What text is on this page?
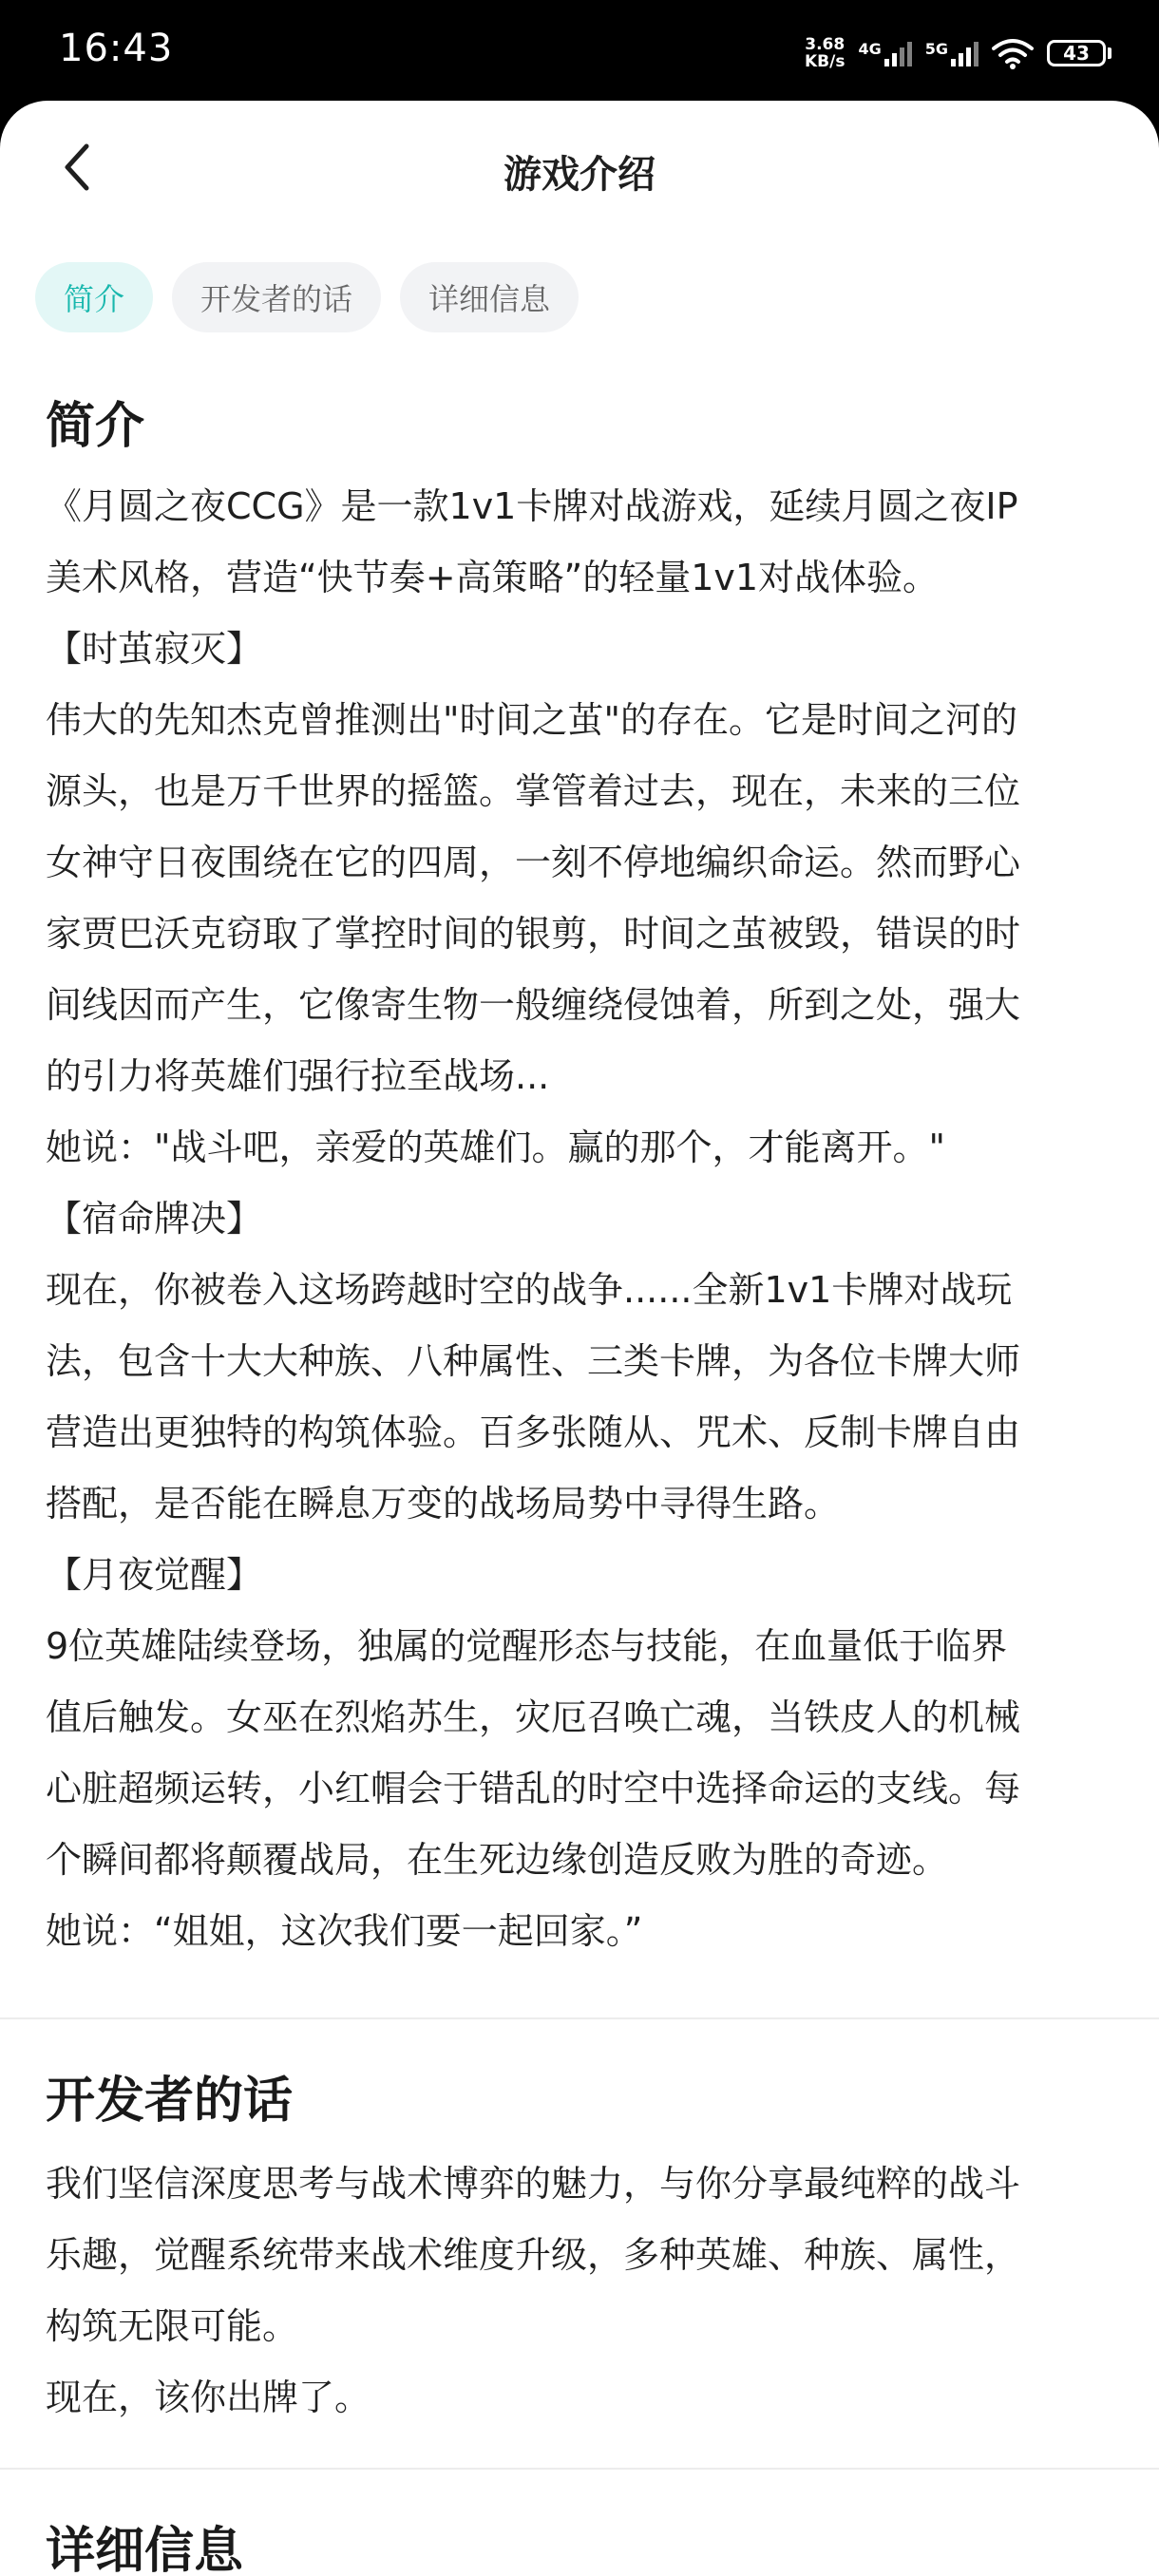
16:43	3.68
KB/s
4G	5G	43
游戏介绍
简介	开发者的话	详细信息
简介

《月圆之夜CCG》是一款1v1卡牌对战游戏，延续月圆之夜IP
美术风格，营造“快节奏+高策略”的轻量1v1对战体验。

【时茧寂灭】

伟大的先知杰克曾推测出"时间之茧"的存在。它是时间之河的
源头，也是万千世界的摇篮。掌管着过去，现在，未来的三位
女神守日夜围绕在它的四周，一刻不停地编织命运。然而野心
家贾巴沃克窃取了掌控时间的银剪，时间之茧被毁，错误的时
间线因而产生，它像寄生物一般缠绕侵蚀着，所到之处，强大
的引力将英雄们强行拉至战场...

她说："战斗吧，亲爱的英雄们。赢的那个，才能离开。"

【宿命牌决】

现在，你被卷入这场跨越时空的战争......全新1v1卡牌对战玩
法，包含十大大种族、八种属性、三类卡牌，为各位卡牌大师
营造出更独特的构筑体验。百多张随从、咒术、反制卡牌自由
搭配，是否能在瞬息万变的战场局势中寻得生路。

【月夜觉醒】

9位英雄陆续登场，独属的觉醒形态与技能，在血量低于临界
值后触发。女巫在烈焰苏生，灾厄召唤亡魂，当铁皮人的机械
心脏超频运转，小红帽会于错乱的时空中选择命运的支线。每
个瞬间都将颠覆战局，在生死边缘创造反败为胜的奇迹。

她说：“姐姐，这次我们要一起回家。”

开发者的话

我们坚信深度思考与战术博弈的魅力，与你分享最纯粹的战斗
乐趣，觉醒系统带来战术维度升级，多种英雄、种族、属性，
构筑无限可能。

现在，该你出牌了。

详细信息
